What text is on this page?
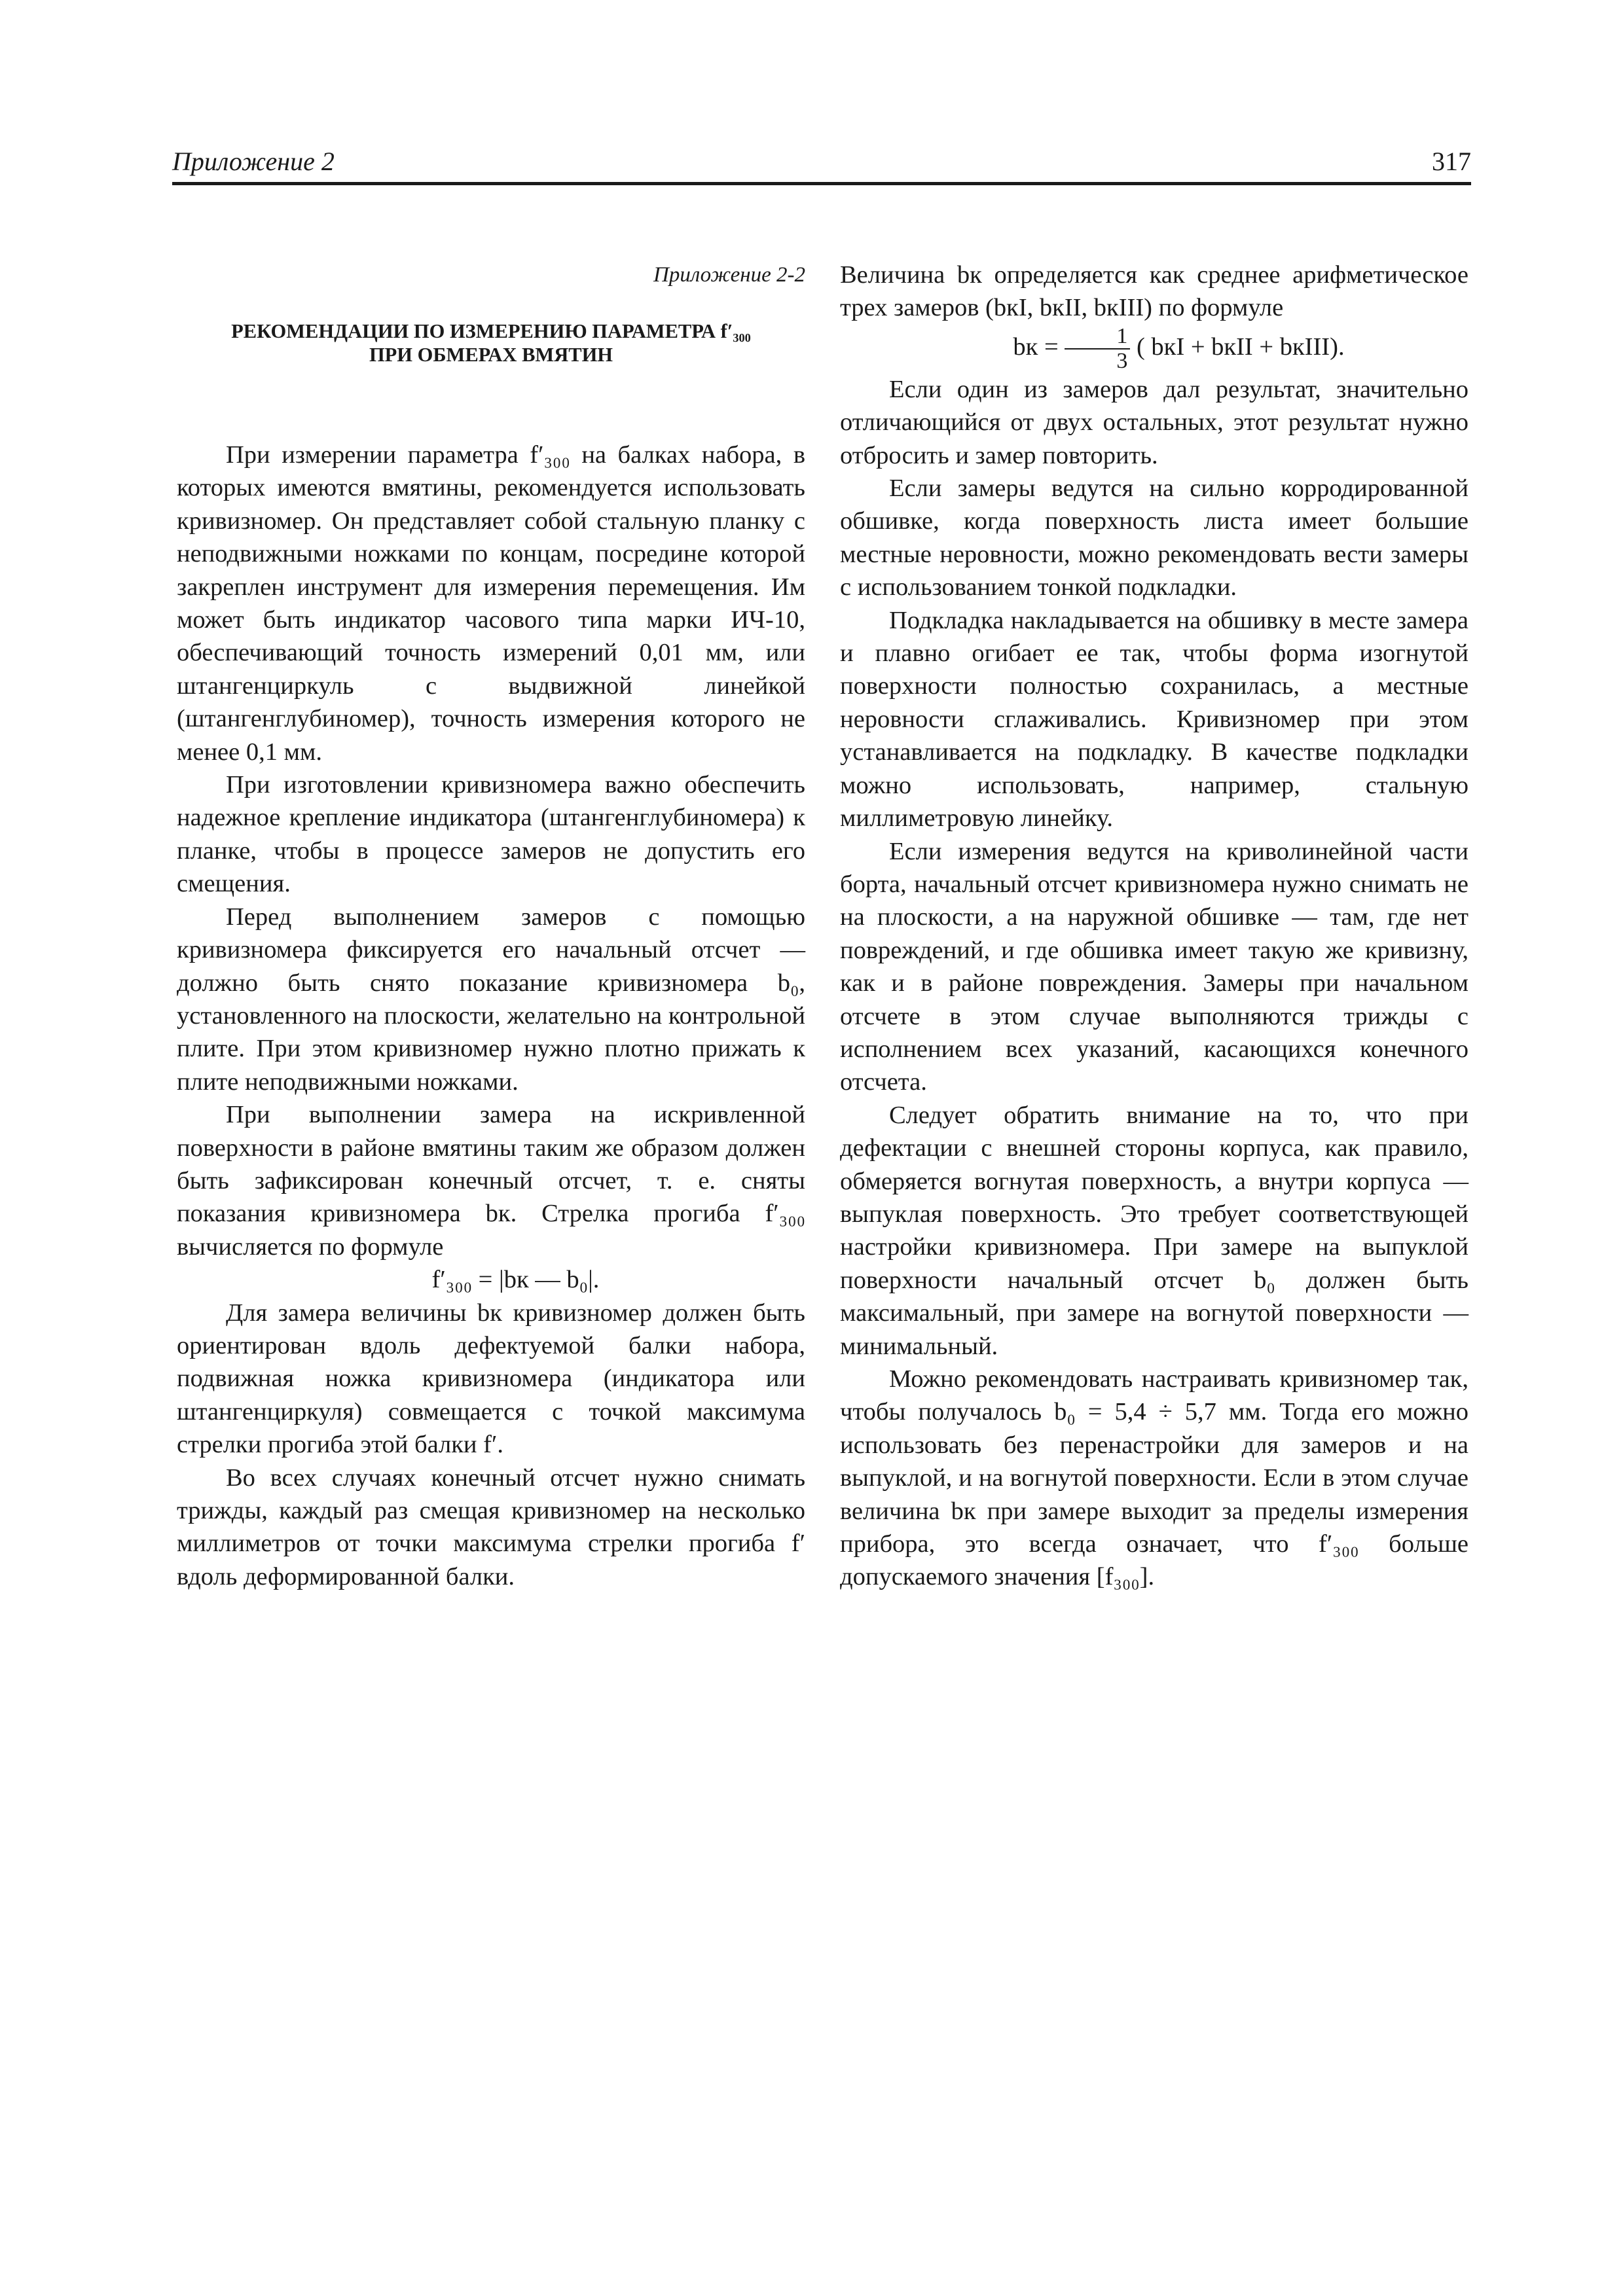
Приложение 2	317
Приложение 2-2
РЕКОМЕНДАЦИИ ПО ИЗМЕРЕНИЮ ПАРАМЕТРА f′₃₀₀
ПРИ ОБМЕРАХ ВМЯТИН

При измерении параметра f′₃₀₀ на балках набора, в которых имеются вмятины, рекомендуется использовать кривизномер. Он представляет собой стальную планку с неподвижными ножками по концам, посредине которой закреплен инструмент для измерения перемещения. Им может быть индикатор часового типа марки ИЧ-10, обеспечивающий точность измерений 0,01 мм, или штангенциркуль с выдвижной линейкой (штангенглубиномер), точность измерения которого не менее 0,1 мм.

При изготовлении кривизномера важно обеспечить надежное крепление индикатора (штангенглубиномера) к планке, чтобы в процессе замеров не допустить его смещения.

Перед выполнением замеров с помощью кривизномера фиксируется его начальный отсчет — должно быть снято показание кривизномера b₀, установленного на плоскости, желательно на контрольной плите. При этом кривизномер нужно плотно прижать к плите неподвижными ножками.

При выполнении замера на искривленной поверхности в районе вмятины таким же образом должен быть зафиксирован конечный отсчет, т. е. сняты показания кривизномера bк. Стрелка прогиба f′₃₀₀ вычисляется по формуле

f′₃₀₀ = |bк — b₀|.

Для замера величины bк кривизномер должен быть ориентирован вдоль дефектуемой балки набора, подвижная ножка кривизномера (индикатора или штангенциркуля) совмещается с точкой максимума стрелки прогиба этой балки f′.

Во всех случаях конечный отсчет нужно снимать трижды, каждый раз смещая кривизномер на несколько миллиметров от точки максимума стрелки прогиба f′ вдоль деформированной балки.

Величина bк определяется как среднее арифметическое трех замеров (bкI, bкII, bкIII) по формуле

bк = $\frac{1}{3}$ ( bкI + bкII + bкIII).

Если один из замеров дал результат, значительно отличающийся от двух остальных, этот результат нужно отбросить и замер повторить.

Если замеры ведутся на сильно корродированной обшивке, когда поверхность листа имеет большие местные неровности, можно рекомендовать вести замеры с использованием тонкой подкладки.

Подкладка накладывается на обшивку в месте замера и плавно огибает ее так, чтобы форма изогнутой поверхности полностью сохранилась, а местные неровности сглаживались. Кривизномер при этом устанавливается на подкладку. В качестве подкладки можно использовать, например, стальную миллиметровую линейку.

Если измерения ведутся на криволинейной части борта, начальный отсчет кривизномера нужно снимать не на плоскости, а на наружной обшивке — там, где нет повреждений, и где обшивка имеет такую же кривизну, как и в районе повреждения. Замеры при начальном отсчете в этом случае выполняются трижды с исполнением всех указаний, касающихся конечного отсчета.

Следует обратить внимание на то, что при дефектации с внешней стороны корпуса, как правило, обмеряется вогнутая поверхность, а внутри корпуса — выпуклая поверхность. Это требует соответствующей настройки кривизномера. При замере на выпуклой поверхности начальный отсчет b₀ должен быть максимальный, при замере на вогнутой поверхности — минимальный.

Можно рекомендовать настраивать кривизномер так, чтобы получалось b₀ = 5,4 ÷ 5,7 мм. Тогда его можно использовать без перенастройки для замеров и на выпуклой, и на вогнутой поверхности. Если в этом случае величина bк при замере выходит за пределы измерения прибора, это всегда означает, что f′₃₀₀ больше допускаемого значения [f₃₀₀].
